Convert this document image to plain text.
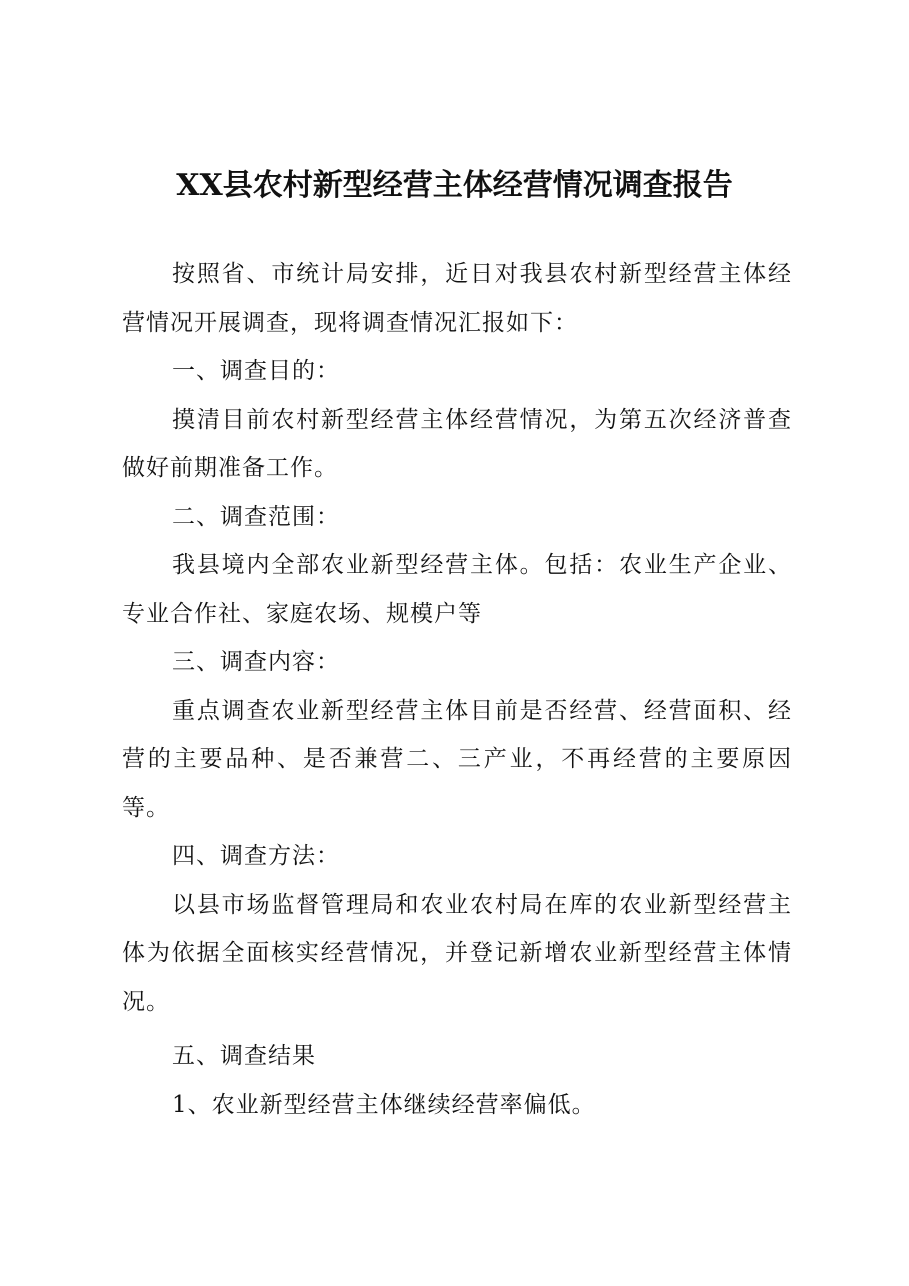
XX县农村新型经营主体经营情况调查报告

按照省、市统计局安排，近日对我县农村新型经营主体经营情况开展调查，现将调查情况汇报如下：

一、调查目的：

摸清目前农村新型经营主体经营情况，为第五次经济普查做好前期准备工作。

二、调查范围：

我县境内全部农业新型经营主体。包括：农业生产企业、专业合作社、家庭农场、规模户等

三、调查内容：

重点调查农业新型经营主体目前是否经营、经营面积、经营的主要品种、是否兼营二、三产业，不再经营的主要原因等。

四、调查方法：

以县市场监督管理局和农业农村局在库的农业新型经营主体为依据全面核实经营情况，并登记新增农业新型经营主体情况。

五、调查结果

1、农业新型经营主体继续经营率偏低。
